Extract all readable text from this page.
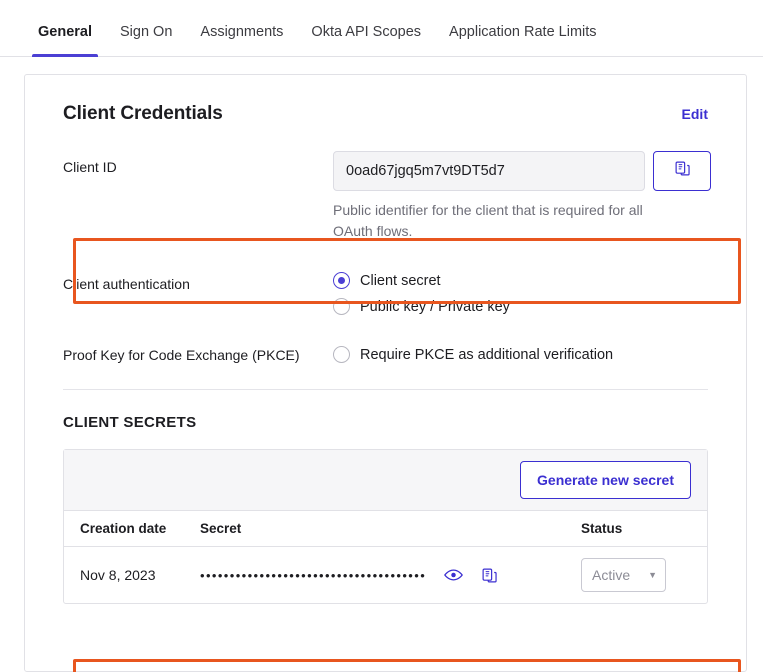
General	Sign On	Assignments	Okta API Scopes	Application Rate Limits
Client Credentials	Edit
Client ID	0oad67jgq5m7vt9DT5d7
Public identifier for the client that is required for all OAuth flows.
Client authentication	Client secret
Public key / Private key
Proof Key for Code Exchange (PKCE)	Require PKCE as additional verification
CLIENT SECRETS
Generate new secret
Creation date	Secret	Status
Nov 8, 2023	••••••••••••••••••••••••••••••••••••••	Active ▼
